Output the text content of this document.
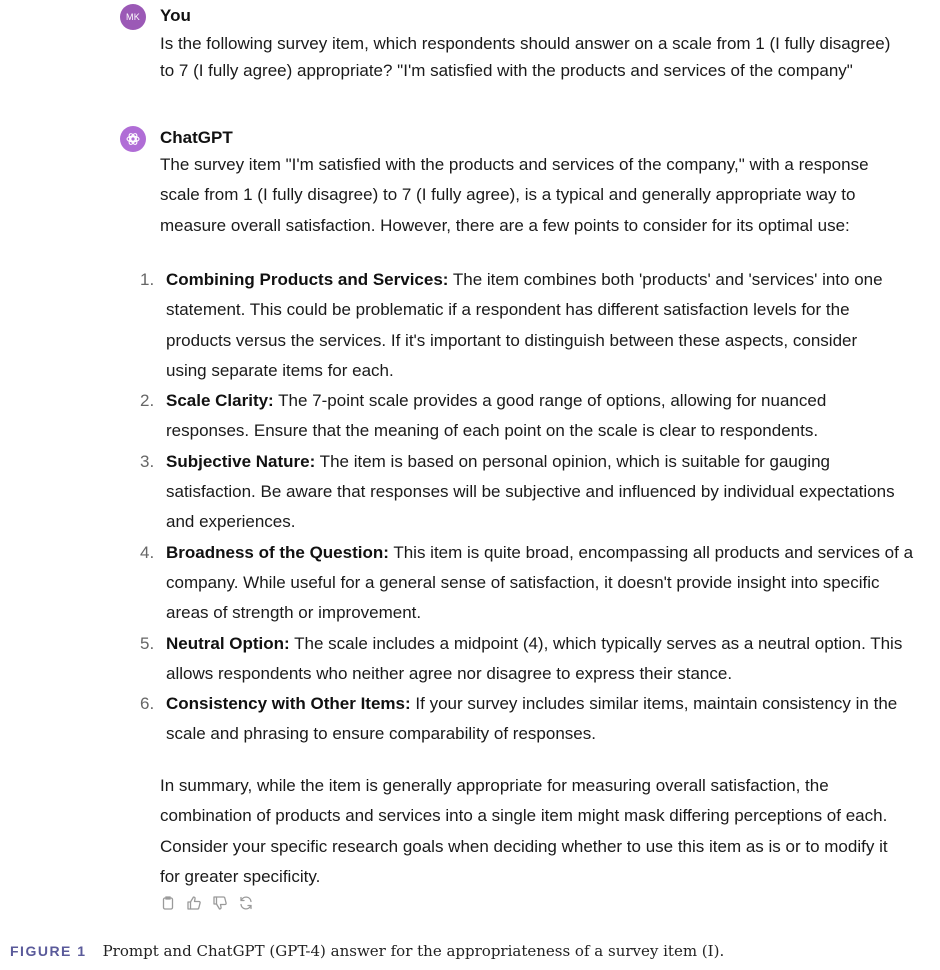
MK You
Is the following survey item, which respondents should answer on a scale from 1 (I fully disagree)
to 7 (I fully agree) appropriate? "I'm satisfied with the products and services of the company"
ChatGPT
The survey item "I'm satisfied with the products and services of the company," with a response
scale from 1 (I fully disagree) to 7 (I fully agree), is a typical and generally appropriate way to
measure overall satisfaction. However, there are a few points to consider for its optimal use:
1. Combining Products and Services: The item combines both 'products' and 'services' into one
statement. This could be problematic if a respondent has different satisfaction levels for the
products versus the services. If it's important to distinguish between these aspects, consider
using separate items for each.
2. Scale Clarity: The 7-point scale provides a good range of options, allowing for nuanced
responses. Ensure that the meaning of each point on the scale is clear to respondents.
3. Subjective Nature: The item is based on personal opinion, which is suitable for gauging
satisfaction. Be aware that responses will be subjective and influenced by individual expectations
and experiences.
4. Broadness of the Question: This item is quite broad, encompassing all products and services of a
company. While useful for a general sense of satisfaction, it doesn't provide insight into specific
areas of strength or improvement.
5. Neutral Option: The scale includes a midpoint (4), which typically serves as a neutral option. This
allows respondents who neither agree nor disagree to express their stance.
6. Consistency with Other Items: If your survey includes similar items, maintain consistency in the
scale and phrasing to ensure comparability of responses.
In summary, while the item is generally appropriate for measuring overall satisfaction, the
combination of products and services into a single item might mask differing perceptions of each.
Consider your specific research goals when deciding whether to use this item as is or to modify it
for greater specificity.
FIGURE 1 Prompt and ChatGPT (GPT-4) answer for the appropriateness of a survey item (I).
